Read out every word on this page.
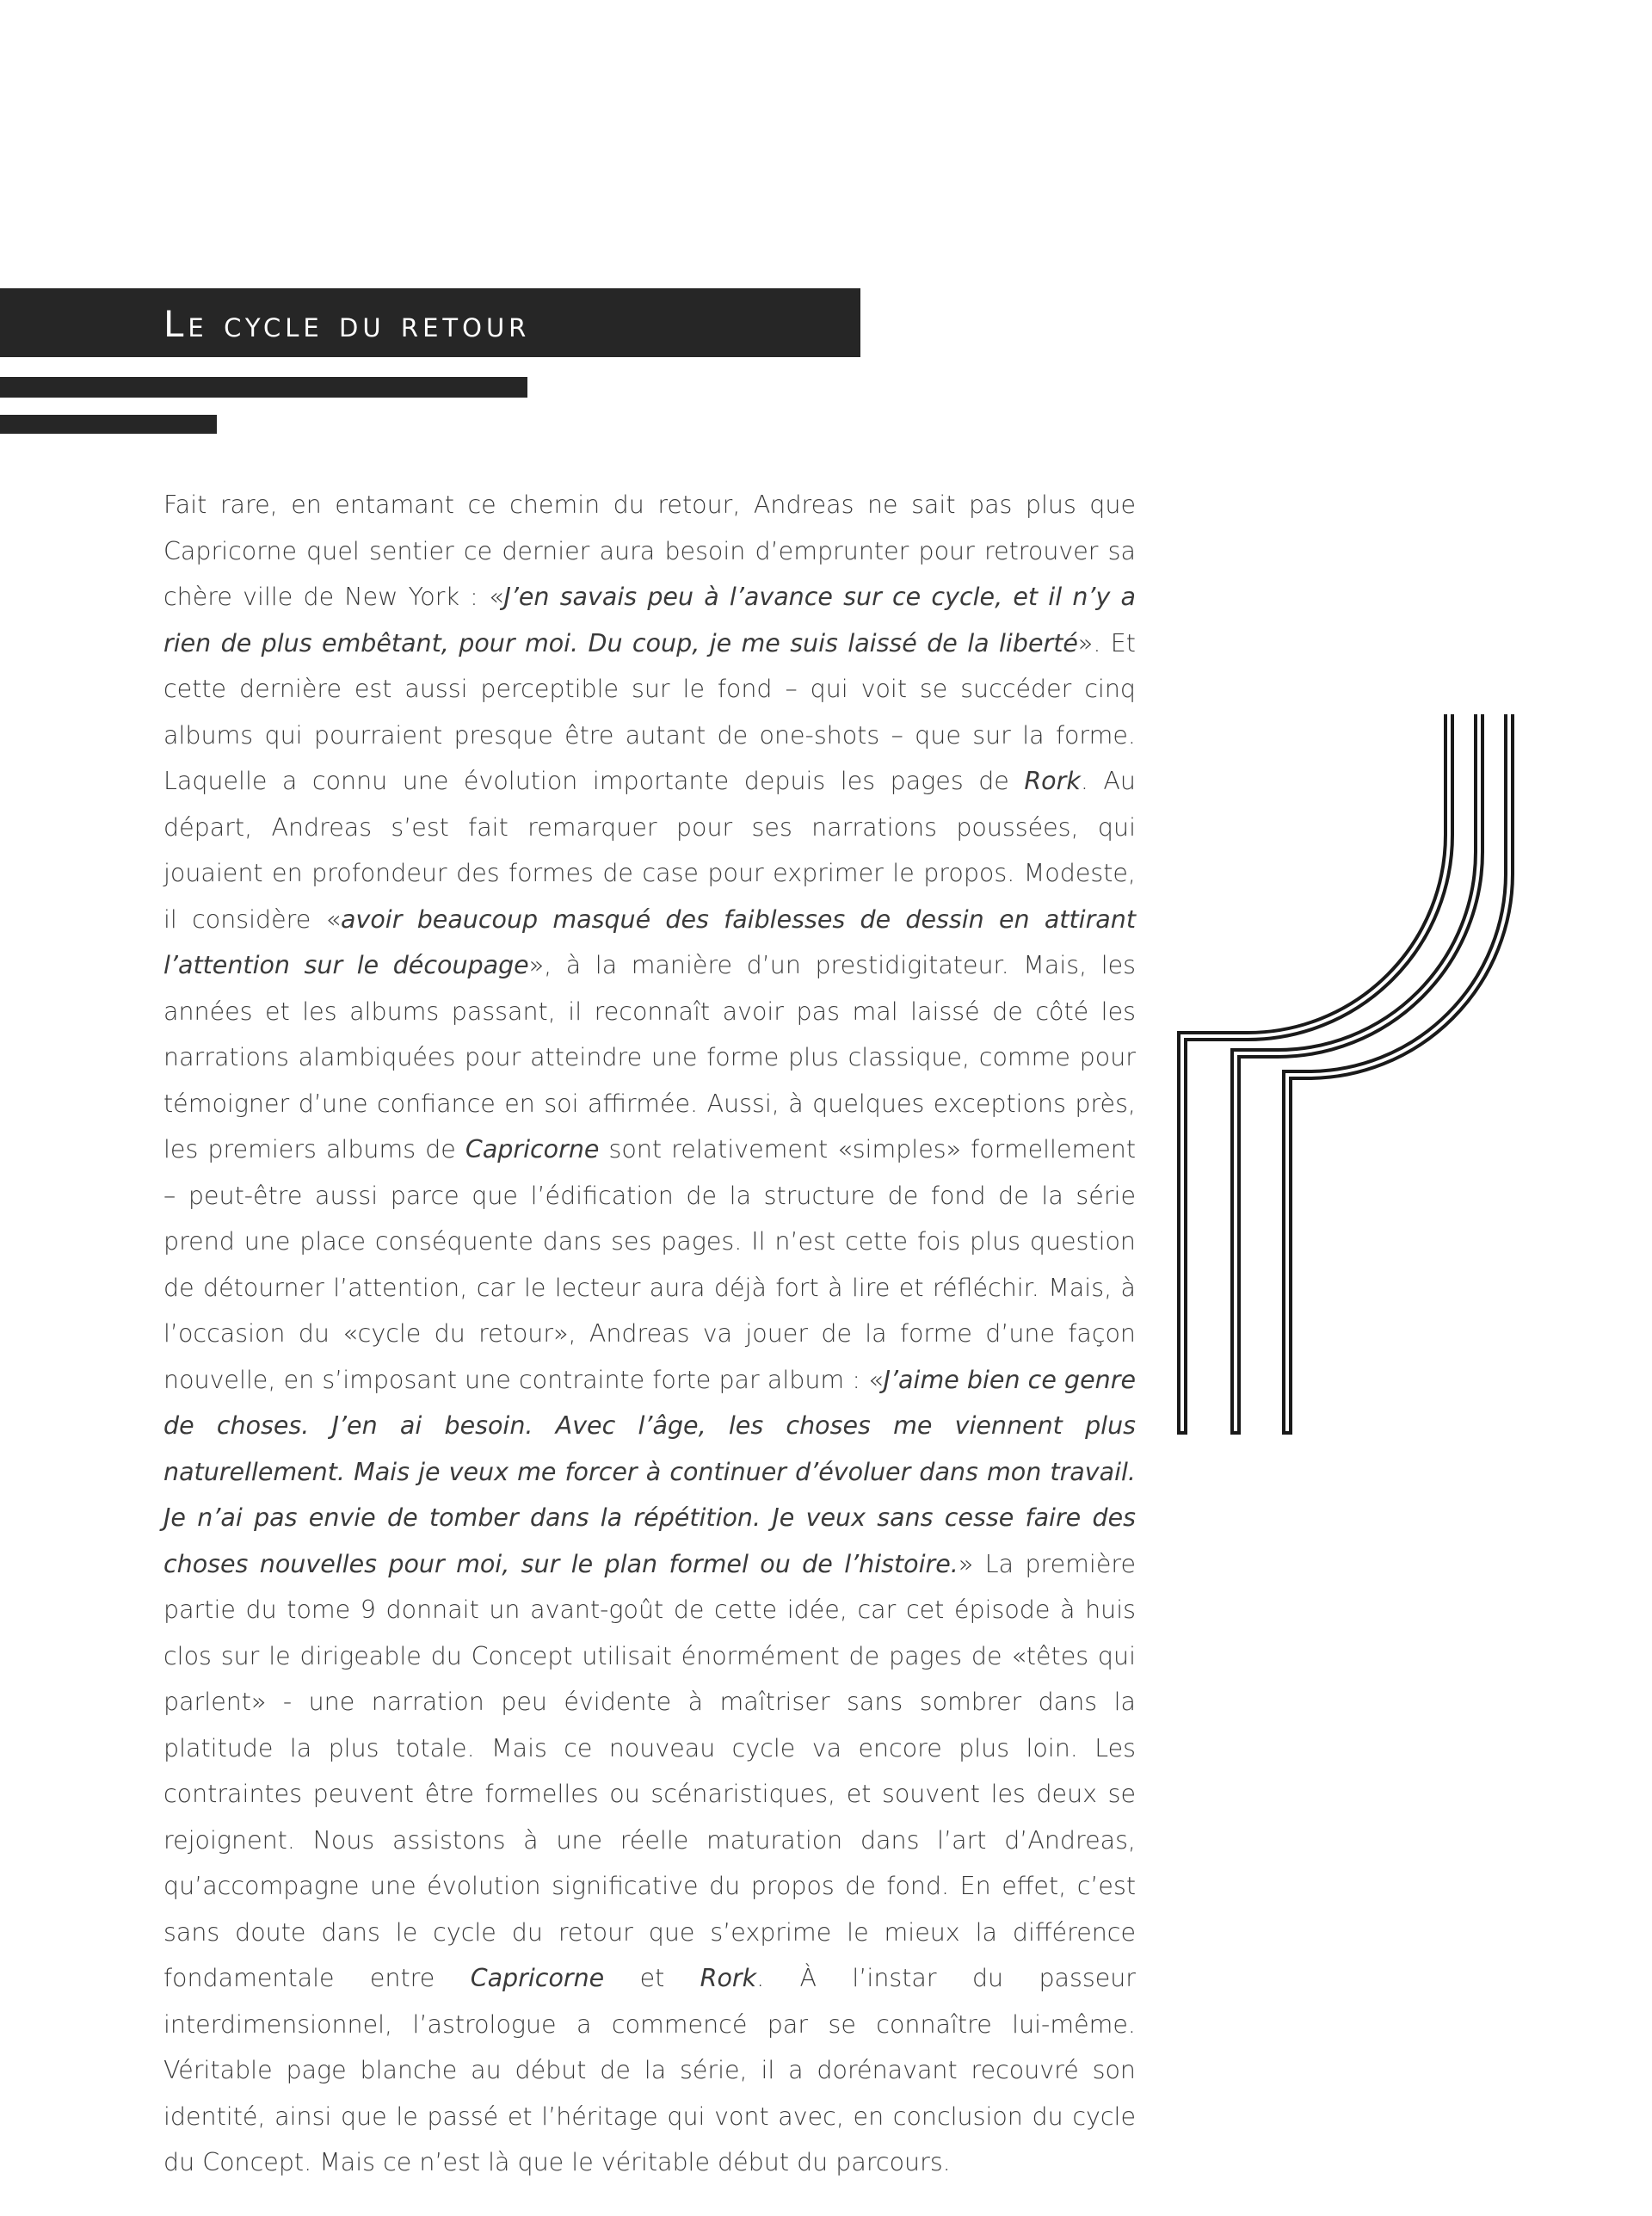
Le cycle du retour

Fait rare, en entamant ce chemin du retour, Andreas ne sait pas plus que Capricorne quel sentier ce dernier aura besoin d’emprunter pour retrouver sa chère ville de New York : «J’en savais peu à l’avance sur ce cycle, et il n’y a rien de plus embêtant, pour moi. Du coup, je me suis laissé de la liberté». Et cette dernière est aussi perceptible sur le fond – qui voit se succéder cinq albums qui pourraient presque être autant de one-shots – que sur la forme. Laquelle a connu une évolution importante depuis les pages de Rork. Au départ, Andreas s’est fait remarquer pour ses narrations poussées, qui jouaient en profondeur des formes de case pour exprimer le propos. Modeste, il considère «avoir beaucoup masqué des faiblesses de dessin en attirant l’attention sur le découpage», à la manière d’un prestidigitateur. Mais, les années et les albums passant, il reconnaît avoir pas mal laissé de côté les narrations alambiquées pour atteindre une forme plus classique, comme pour témoigner d’une confiance en soi affirmée. Aussi, à quelques exceptions près, les premiers albums de Capricorne sont relativement «simples» formellement – peut-être aussi parce que l’édification de la structure de fond de la série prend une place conséquente dans ses pages. Il n’est cette fois plus question de détourner l’attention, car le lecteur aura déjà fort à lire et réfléchir. Mais, à l’occasion du «cycle du retour», Andreas va jouer de la forme d’une façon nouvelle, en s’imposant une contrainte forte par album : «J’aime bien ce genre de choses. J’en ai besoin. Avec l’âge, les choses me viennent plus naturellement. Mais je veux me forcer à continuer d’évoluer dans mon travail. Je n’ai pas envie de tomber dans la répétition. Je veux sans cesse faire des choses nouvelles pour moi, sur le plan formel ou de l’histoire.» La première partie du tome 9 donnait un avant-goût de cette idée, car cet épisode à huis clos sur le dirigeable du Concept utilisait énormément de pages de «têtes qui parlent» - une narration peu évidente à maîtriser sans sombrer dans la platitude la plus totale. Mais ce nouveau cycle va encore plus loin. Les contraintes peuvent être formelles ou scénaristiques, et souvent les deux se rejoignent. Nous assistons à une réelle maturation dans l’art d’Andreas, qu’accompagne une évolution significative du propos de fond. En effet, c’est sans doute dans le cycle du retour que s’exprime le mieux la différence fondamentale entre Capricorne et Rork. À l’instar du passeur interdimensionnel, l’astrologue a commencé par se connaître lui-même. Véritable page blanche au début de la série, il a dorénavant recouvré son identité, ainsi que le passé et l’héritage qui vont avec, en conclusion du cycle du Concept. Mais ce n’est là que le véritable début du parcours.
